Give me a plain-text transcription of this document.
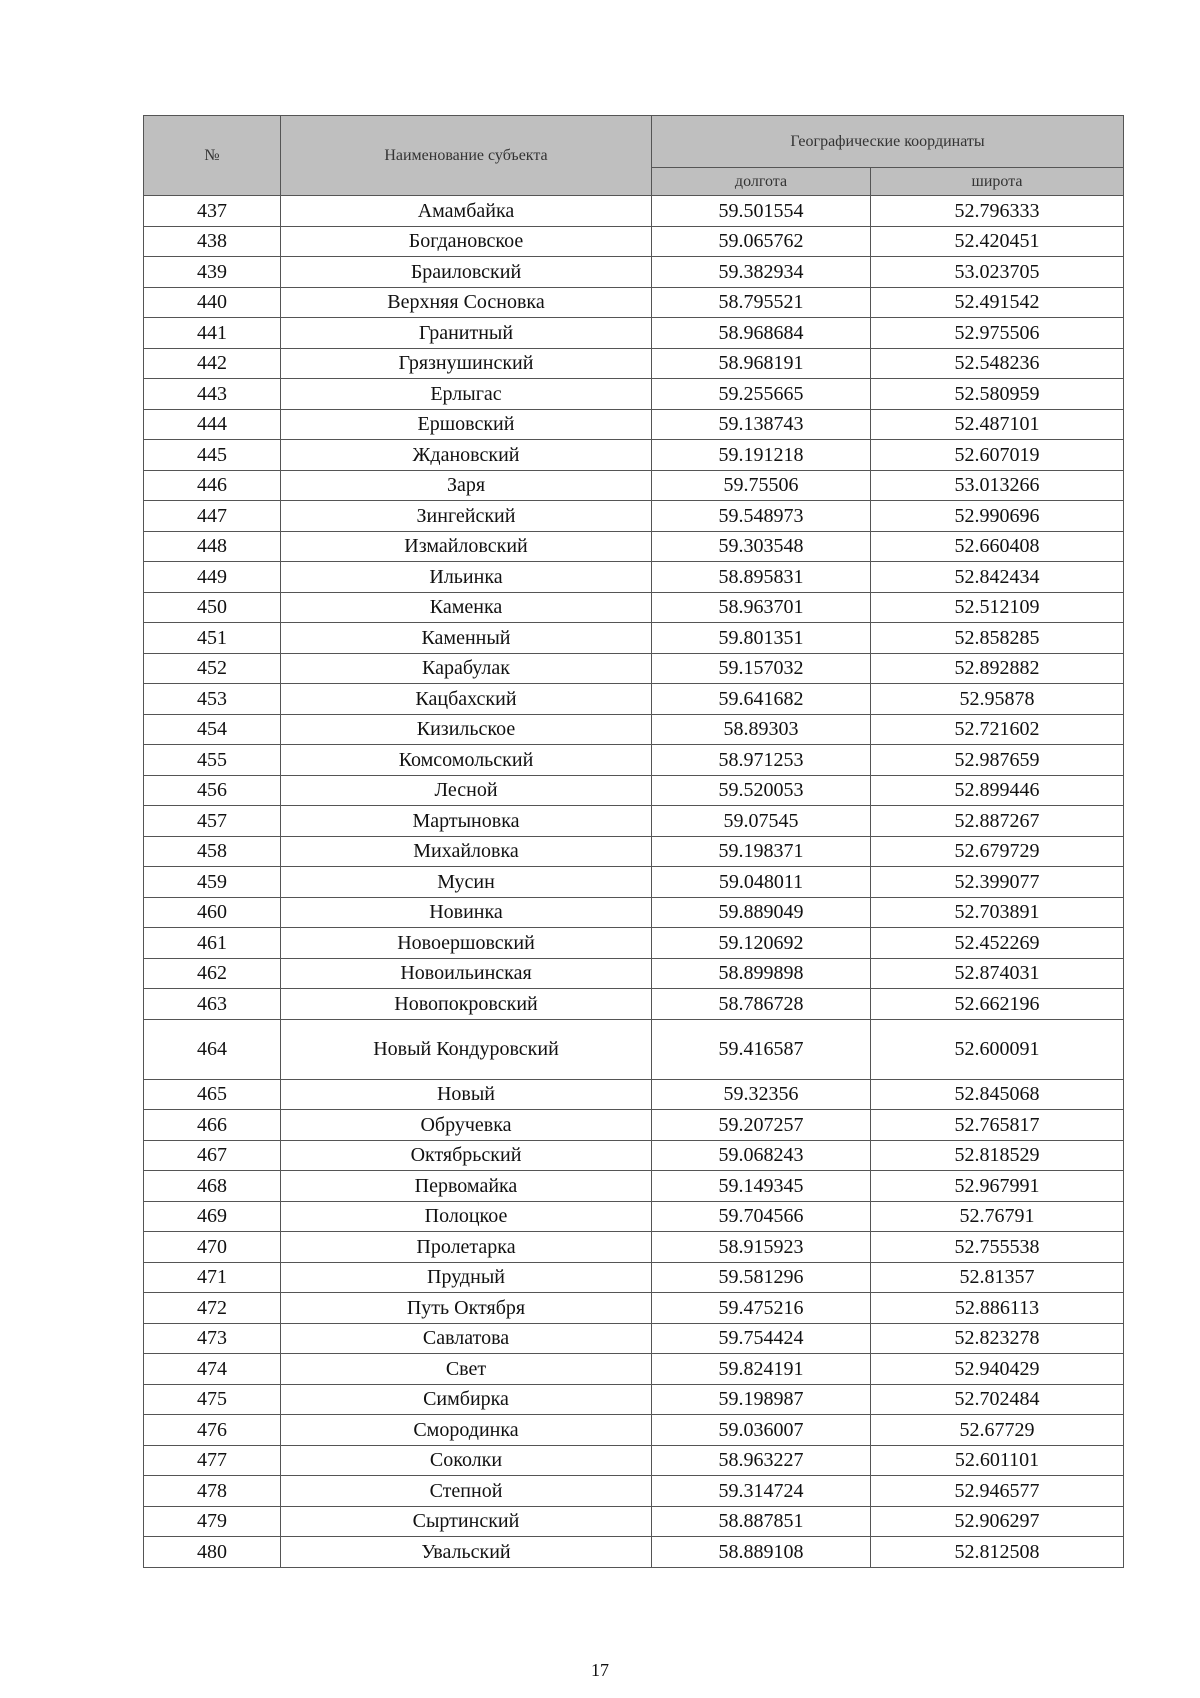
№	Наименование субъекта	Географические координаты	
		долгота	широта
437	Амамбайка	59.501554	52.796333
438	Богдановское	59.065762	52.420451
439	Браиловский	59.382934	53.023705
440	Верхняя Сосновка	58.795521	52.491542
441	Гранитный	58.968684	52.975506
442	Грязнушинский	58.968191	52.548236
443	Ерлыгас	59.255665	52.580959
444	Ершовский	59.138743	52.487101
445	Ждановский	59.191218	52.607019
446	Заря	59.75506	53.013266
447	Зингейский	59.548973	52.990696
448	Измайловский	59.303548	52.660408
449	Ильинка	58.895831	52.842434
450	Каменка	58.963701	52.512109
451	Каменный	59.801351	52.858285
452	Карабулак	59.157032	52.892882
453	Кацбахский	59.641682	52.95878
454	Кизильское	58.89303	52.721602
455	Комсомольский	58.971253	52.987659
456	Лесной	59.520053	52.899446
457	Мартыновка	59.07545	52.887267
458	Михайловка	59.198371	52.679729
459	Мусин	59.048011	52.399077
460	Новинка	59.889049	52.703891
461	Новоершовский	59.120692	52.452269
462	Новоильинская	58.899898	52.874031
463	Новопокровский	58.786728	52.662196
464	Новый Кондуровский	59.416587	52.600091
465	Новый	59.32356	52.845068
466	Обручевка	59.207257	52.765817
467	Октябрьский	59.068243	52.818529
468	Первомайка	59.149345	52.967991
469	Полоцкое	59.704566	52.76791
470	Пролетарка	58.915923	52.755538
471	Прудный	59.581296	52.81357
472	Путь Октября	59.475216	52.886113
473	Савлатова	59.754424	52.823278
474	Свет	59.824191	52.940429
475	Симбирка	59.198987	52.702484
476	Смородинка	59.036007	52.67729
477	Соколки	58.963227	52.601101
478	Степной	59.314724	52.946577
479	Сыртинский	58.887851	52.906297
480	Увальский	58.889108	52.812508
17
